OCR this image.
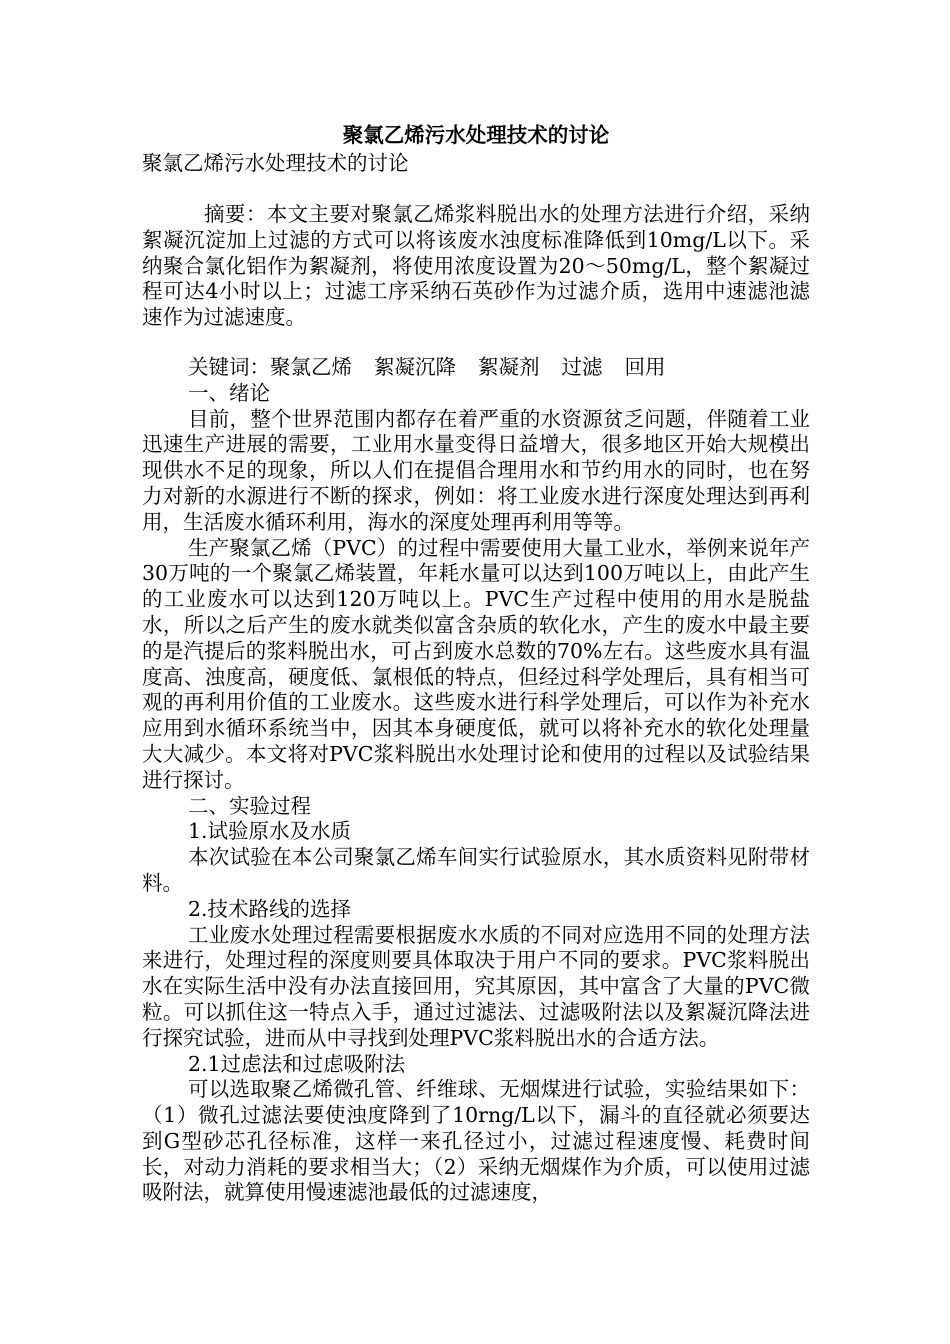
聚氯乙烯污水处理技术的讨论

聚氯乙烯污水处理技术的讨论

摘要：本文主要对聚氯乙烯浆料脱出水的处理方法进行介绍，采纳絮凝沉淀加上过滤的方式可以将该废水浊度标准降低到10mg/L以下。采纳聚合氯化铝作为絮凝剂，将使用浓度设置为20～50mg/L，整个絮凝过程可达4小时以上；过滤工序采纳石英砂作为过滤介质，选用中速滤池滤速作为过滤速度。

关键词：聚氯乙烯 絮凝沉降 絮凝剂 过滤 回用

一、绪论

目前，整个世界范围内都存在着严重的水资源贫乏问题，伴随着工业迅速生产进展的需要，工业用水量变得日益增大，很多地区开始大规模出现供水不足的现象，所以人们在提倡合理用水和节约用水的同时，也在努力对新的水源进行不断的探求，例如：将工业废水进行深度处理达到再利用，生活废水循环利用，海水的深度处理再利用等等。

生产聚氯乙烯（PVC）的过程中需要使用大量工业水，举例来说年产30万吨的一个聚氯乙烯装置，年耗水量可以达到100万吨以上，由此产生的工业废水可以达到120万吨以上。PVC生产过程中使用的用水是脱盐水，所以之后产生的废水就类似富含杂质的软化水，产生的废水中最主要的是汽提后的浆料脱出水，可占到废水总数的70%左右。这些废水具有温度高、浊度高，硬度低、氯根低的特点，但经过科学处理后，具有相当可观的再利用价值的工业废水。这些废水进行科学处理后，可以作为补充水应用到水循环系统当中，因其本身硬度低，就可以将补充水的软化处理量大大减少。本文将对PVC浆料脱出水处理讨论和使用的过程以及试验结果进行探讨。

二、实验过程

1.试验原水及水质

本次试验在本公司聚氯乙烯车间实行试验原水，其水质资料见附带材料。

2.技术路线的选择

工业废水处理过程需要根据废水水质的不同对应选用不同的处理方法来进行，处理过程的深度则要具体取决于用户不同的要求。PVC浆料脱出水在实际生活中没有办法直接回用，究其原因，其中富含了大量的PVC微粒。可以抓住这一特点入手，通过过滤法、过滤吸附法以及絮凝沉降法进行探究试验，进而从中寻找到处理PVC浆料脱出水的合适方法。

2.1过虑法和过虑吸附法

可以选取聚乙烯微孔管、纤维球、无烟煤进行试验，实验结果如下：（1）微孔过滤法要使浊度降到了10rng/L以下，漏斗的直径就必须要达到G型砂芯孔径标准，这样一来孔径过小，过滤过程速度慢、耗费时间长，对动力消耗的要求相当大；（2）采纳无烟煤作为介质，可以使用过滤吸附法，就算使用慢速滤池最低的过滤速度，
